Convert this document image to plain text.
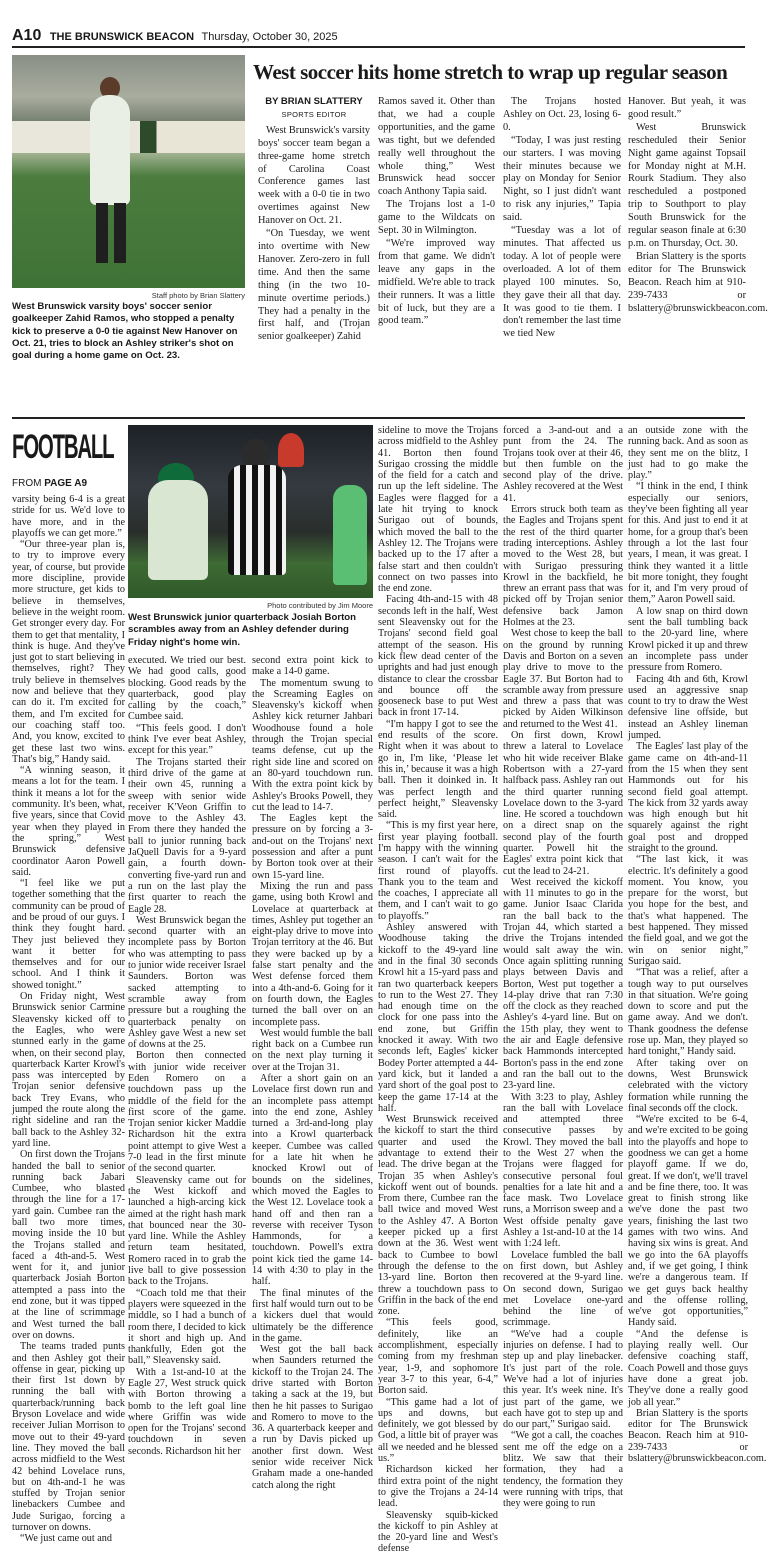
A10 THE BRUNSWICK BEACON Thursday, October 30, 2025
Staff photo by Brian Slattery
West Brunswick varsity boys' soccer senior goalkeeper Zahid Ramos, who stopped a penalty kick to preserve a 0-0 tie against New Hanover on Oct. 21, tries to block an Ashley striker's shot on goal during a home game on Oct. 23.
West soccer hits home stretch to wrap up regular season
BY BRIAN SLATTERY
SPORTS EDITOR

West Brunswick's varsity boys' soccer team began a three-game home stretch of Carolina Coast Conference games last week with a 0-0 tie in two overtimes against New Hanover on Oct. 21.

“On Tuesday, we went into overtime with New Hanover. Zero-zero in full time. And then the same thing (in the two 10-minute overtime periods.) They had a penalty in the first half, and (Trojan senior goalkeeper) Zahid

Ramos saved it. Other than that, we had a couple opportunities, and the game was tight, but we defended really well throughout the whole thing,” West Brunswick head soccer coach Anthony Tapia said.

The Trojans lost a 1-0 game to the Wildcats on Sept. 30 in Wilmington.

“We're improved way from that game. We didn't leave any gaps in the midfield. We're able to track their runners. It was a little bit of luck, but they are a good team.”

The Trojans hosted Ashley on Oct. 23, losing 6-0.

“Today, I was just resting our starters. I was moving their minutes because we play on Monday for Senior Night, so I just didn't want to risk any injuries,” Tapia said.

“Tuesday was a lot of minutes. That affected us today. A lot of people were overloaded. A lot of them played 100 minutes. So, they gave their all that day. It was good to tie them. I don't remember the last time we tied New

Hanover. But yeah, it was good result.”

West Brunswick rescheduled their Senior Night game against Topsail for Monday night at M.H. Rourk Stadium. They also rescheduled a postponed trip to Southport to play South Brunswick for the regular season finale at 6:30 p.m. on Thursday, Oct. 30.

Brian Slattery is the sports editor for The Brunswick Beacon. Reach him at 910-239-7433 or bslattery@brunswickbeacon.com.

FOOTBALL
FROM PAGE A9
Photo contributed by Jim Moore
West Brunswick junior quarterback Josiah Borton scrambles away from an Ashley defender during Friday night's home win.

varsity being 6-4 is a great stride for us. We'd love to have more, and in the playoffs we can get more.”

“Our three-year plan is, to try to improve every year, of course, but provide more discipline, provide more structure, get kids to believe in themselves, believe in the weight room. Get stronger every day. For them to get that mentality, I think is huge. And they've just got to start believing in themselves, right? They truly believe in themselves now and believe that they can do it. I'm excited for them, and I'm excited for our coaching staff too. And, you know, excited to get these last two wins. That's big,” Handy said.

“A winning season, it means a lot for the team. I think it means a lot for the community. It's been, what, five years, since that Covid year when they played in the spring,” West Brunswick defensive coordinator Aaron Powell said.

“I feel like we put together something that the community can be proud of and be proud of our guys. I think they fought hard. They just believed they want it better for themselves and for our school. And I think it showed tonight.”

On Friday night, West Brunswick senior Carmine Sleavensky kicked off to the Eagles, who were stunned early in the game when, on their second play, quarterback Karter Krowl's pass was intercepted by Trojan senior defensive back Trey Evans, who jumped the route along the right sideline and ran the ball back to the Ashley 32-yard line.

On first down the Trojans handed the ball to senior running back Jabari Cumbee, who blasted through the line for a 17-yard gain. Cumbee ran the ball two more times, moving inside the 10 but the Trojans stalled and faced a 4th-and-5. West went for it, and junior quarterback Josiah Borton attempted a pass into the end zone, but it was tipped at the line of scrimmage and West turned the ball over on downs.

The teams traded punts and then Ashley got their offense in gear, picking up their first 1st down by running the ball with quarterback/running back Bryson Lovelace and wide receiver Julian Morrison to move out to their 49-yard line. They moved the ball across midfield to the West 42 behind Lovelace runs, but on 4th-and-1 he was stuffed by Trojan senior linebackers Cumbee and Jude Surigao, forcing a turnover on downs.

“We just came out and

executed. We tried our best. We had good calls, good blocking. Good reads by the quarterback, good play calling by the coach,” Cumbee said.

“This feels good. I don't think I've ever beat Ashley, except for this year.”

The Trojans started their third drive of the game at their own 45, running a sweep with senior wide receiver K'Veon Griffin to move to the Ashley 43. From there they handed the ball to junior running back JaQuell Davis for a 9-yard gain, a fourth down-converting five-yard run and a run on the last play the first quarter to reach the Eagle 28.

West Brunswick began the second quarter with an incomplete pass by Borton who was attempting to pass to junior wide receiver Israel Saunders. Borton was sacked attempting to scramble away from pressure but a roughing the quarterback penalty on Ashley gave West a new set of downs at the 25.

Borton then connected with junior wide receiver Eden Romero on a touchdown pass up the middle of the field for the first score of the game. Trojan senior kicker Maddie Richardson hit the extra point attempt to give West a 7-0 lead in the first minute of the second quarter.

Sleavensky came out for the West kickoff and launched a high-arcing kick aimed at the right hash mark that bounced near the 30-yard line. While the Ashley return team hesitated, Romero raced in to grab the live ball to give possession back to the Trojans.

“Coach told me that their players were squeezed in the middle, so I had a bunch of room there, I decided to kick it short and high up. And thankfully, Eden got the ball,” Sleavensky said.

With a 1st-and-10 at the Eagle 27, West struck quick with Borton throwing a bomb to the left goal line where Griffin was wide open for the Trojans' second touchdown in seven seconds. Richardson hit her

second extra point kick to make a 14-0 game.

The momentum swung to the Screaming Eagles on Sleavensky's kickoff when Ashley kick returner Jahbari Woodhouse found a hole through the Trojan special teams defense, cut up the right side line and scored on an 80-yard touchdown run. With the extra point kick by Ashley's Brooks Powell, they cut the lead to 14-7.

The Eagles kept the pressure on by forcing a 3-and-out on the Trojans' next possession and after a punt by Borton took over at their own 15-yard line.

Mixing the run and pass game, using both Krowl and Lovelace at quarterback at times, Ashley put together an eight-play drive to move into Trojan territory at the 46. But they were backed up by a false start penalty and the West defense forced them into a 4th-and-6. Going for it on fourth down, the Eagles turned the ball over on an incomplete pass.

West would fumble the ball right back on a Cumbee run on the next play turning it over at the Trojan 31.

After a short gain on an Lovelace first down run and an incomplete pass attempt into the end zone, Ashley turned a 3rd-and-long play into a Krowl quarterback keeper. Cumbee was called for a late hit when he knocked Krowl out of bounds on the sidelines, which moved the Eagles to the West 12. Lovelace took a hand off and then ran a reverse with receiver Tyson Hammonds, for a touchdown. Powell's extra point kick tied the game 14-14 with 4:30 to play in the half.

The final minutes of the first half would turn out to be a kickers duel that would ultimately be the difference in the game.

West got the ball back when Saunders returned the kickoff to the Trojan 24. The drive started with Borton taking a sack at the 19, but then he hit passes to Surigao and Romero to move to the 36. A quarterback keeper and a run by Davis picked up another first down. West senior wide receiver Nick Graham made a one-handed catch along the right

sideline to move the Trojans across midfield to the Ashley 41. Borton then found Surigao crossing the middle of the field for a catch and run up the left sideline. The Eagles were flagged for a late hit trying to knock Surigao out of bounds, which moved the ball to the Ashley 12. The Trojans were backed up to the 17 after a false start and then couldn't connect on two passes into the end zone.

Facing 4th-and-15 with 48 seconds left in the half, West sent Sleavensky out for the Trojans' second field goal attempt of the season. His kick flew dead center of the uprights and had just enough distance to clear the crossbar and bounce off the gooseneck base to put West back in front 17-14.

“I'm happy I got to see the end results of the score. Right when it was about to go in, I'm like, ‘Please let this in,’ because it was a high ball. Then it doinked in. It was perfect length and perfect height,” Sleavensky said.

“This is my first year here, first year playing football. I'm happy with the winning season. I can't wait for the first round of playoffs. Thank you to the team and the coaches, I appreciate all them, and I can't wait to go to playoffs.”

Ashley answered with Woodhouse taking the kickoff to the 49-yard line and in the final 30 seconds Krowl hit a 15-yard pass and ran two quarterback keepers to run to the West 27. They had enough time on the clock for one pass into the end zone, but Griffin knocked it away. With two seconds left, Eagles' kicker Bodey Porter attempted a 44-yard kick, but it landed a yard short of the goal post to keep the game 17-14 at the half.

West Brunswick received the kickoff to start the third quarter and used the advantage to extend their lead. The drive began at the Trojan 35 when Ashley's kickoff went out of bounds. From there, Cumbee ran the ball twice and moved West to the Ashley 47. A Borton keeper picked up a first down at the 36. West went back to Cumbee to bowl through the defense to the 13-yard line. Borton then threw a touchdown pass to Griffin in the back of the end zone.

“This feels good, definitely, like an accomplishment, especially coming from my freshman year, 1-9, and sophomore year 3-7 to this year, 6-4,” Borton said.

“This game had a lot of ups and downs, but definitely, we got blessed by God, a little bit of prayer was all we needed and he blessed us.”

Richardson kicked her third extra point of the night to give the Trojans a 24-14 lead.

Sleavensky squib-kicked the kickoff to pin Ashley at the 20-yard line and West's defense

forced a 3-and-out and a punt from the 24. The Trojans took over at their 46, but then fumble on the second play of the drive. Ashley recovered at the West 41.

Errors struck both team as the Eagles and Trojans spent the rest of the third quarter trading interceptions. Ashley moved to the West 28, but with Surigao pressuring Krowl in the backfield, he threw an errant pass that was picked off by Trojan senior defensive back Jamon Holmes at the 23.

West chose to keep the ball on the ground by running Davis and Borton on a seven play drive to move to the Eagle 37. But Borton had to scramble away from pressure and threw a pass that was picked by Aiden Wilkinson and returned to the West 41.

On first down, Krowl threw a lateral to Lovelace who hit wide receiver Blake Robertson with a 27-yard halfback pass. Ashley ran out the third quarter running Lovelace down to the 3-yard line. He scored a touchdown on a direct snap on the second play of the fourth quarter. Powell hit the Eagles' extra point kick that cut the lead to 24-21.

West received the kickoff with 11 minutes to go in the game. Junior Isaac Clarida ran the ball back to the Trojan 44, which started a drive the Trojans intended would salt away the win. Once again splitting running plays between Davis and Borton, West put together a 14-play drive that ran 7:30 off the clock as they reached Ashley's 4-yard line. But on the 15th play, they went to the air and Eagle defensive back Hammonds intercepted Borton's pass in the end zone and ran the ball out to the 23-yard line.

With 3:23 to play, Ashley ran the ball with Lovelace and attempted three consecutive passes by Krowl. They moved the ball to the West 27 when the Trojans were flagged for consecutive personal foul penalties for a late hit and a face mask. Two Lovelace runs, a Morrison sweep and a West offside penalty gave Ashley a 1st-and-10 at the 14 with 1:24 left.

Lovelace fumbled the ball on first down, but Ashley recovered at the 9-yard line. On second down, Surigao met Lovelace one-yard behind the line of scrimmage.

“We've had a couple injuries on defense. I had to step up and play linebacker. It's just part of the role. We've had a lot of injuries this year. It's week nine. It's just part of the game, we each have got to step up and do our part,” Surigao said.

“We got a call, the coaches sent me off the edge on a blitz. We saw that their formation, they had a tendency, the formation they were running with trips, that they were going to run

an outside zone with the running back. And as soon as they sent me on the blitz, I just had to go make the play.”

“I think in the end, I think especially our seniors, they've been fighting all year for this. And just to end it at home, for a group that's been through a lot the last four years, I mean, it was great. I think they wanted it a little bit more tonight, they fought for it, and I'm very proud of them,” Aaron Powell said.

A low snap on third down sent the ball tumbling back to the 20-yard line, where Krowl picked it up and threw an incomplete pass under pressure from Romero.

Facing 4th and 6th, Krowl used an aggressive snap count to try to draw the West defensive line offside, but instead an Ashley lineman jumped.

The Eagles' last play of the game came on 4th-and-11 from the 15 when they sent Hammonds out for his second field goal attempt. The kick from 32 yards away was high enough but hit squarely against the right goal post and dropped straight to the ground.

“The last kick, it was electric. It's definitely a good moment. You know, you prepare for the worst, but you hope for the best, and that's what happened. The best happened. They missed the field goal, and we got the win on senior night,” Surigao said.

“That was a relief, after a tough way to put ourselves in that situation. We're going down to score and put the game away. And we don't. Thank goodness the defense rose up. Man, they played so hard tonight,” Handy said.

After taking over on downs, West Brunswick celebrated with the victory formation while running the final seconds off the clock.

“We're excited to be 6-4, and we're excited to be going into the playoffs and hope to goodness we can get a home playoff game. If we do, great. If we don't, we'll travel and be fine there, too. It was great to finish strong like we've done the past two years, finishing the last two games with two wins. And having six wins is great. And we go into the 6A playoffs and, if we get going, I think we're a dangerous team. If we get guys back healthy and the offense rolling, we've got opportunities,” Handy said.

“And the defense is playing really well. Our defensive coaching staff, Coach Powell and those guys have done a great job. They've done a really good job all year.”

Brian Slattery is the sports editor for The Brunswick Beacon. Reach him at 910-239-7433 or bslattery@brunswickbeacon.com.
